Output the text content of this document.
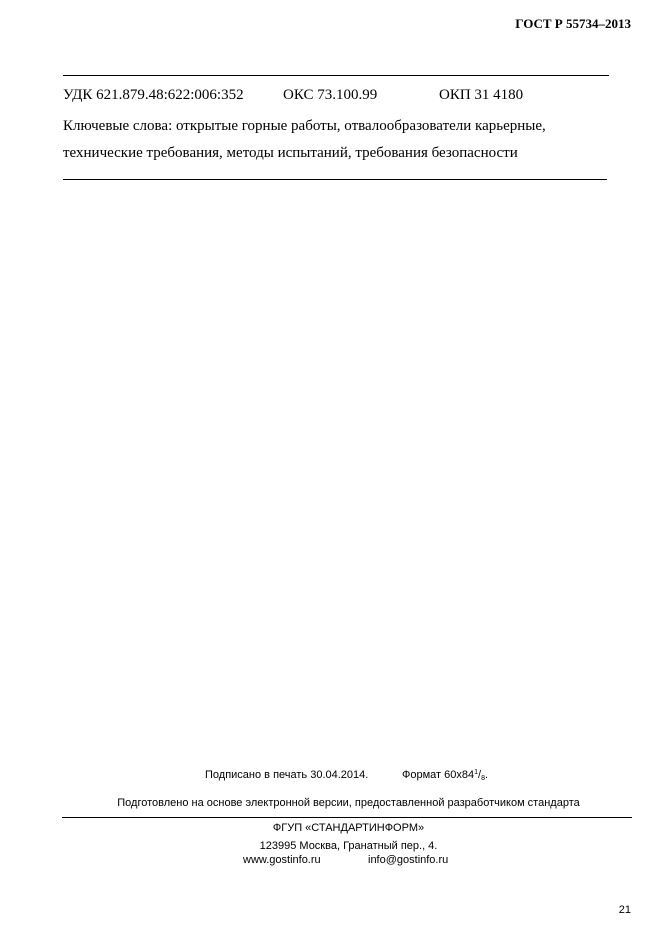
ГОСТ Р 55734–2013
УДК 621.879.48:622:006:352	ОКС 73.100.99	ОКП 31 4180
Ключевые слова: открытые горные работы, отвалообразователи карьерные,
технические требования, методы испытаний, требования безопасности
Подписано в печать 30.04.2014.	Формат $60x84^1/_8$.
Подготовлено на основе электронной версии, предоставленной разработчиком стандарта
ФГУП «СТАНДАРТИНФОРМ»
123995 Москва, Гранатный пер., 4.
www.gostinfo.ru	info@gostinfo.ru
21
